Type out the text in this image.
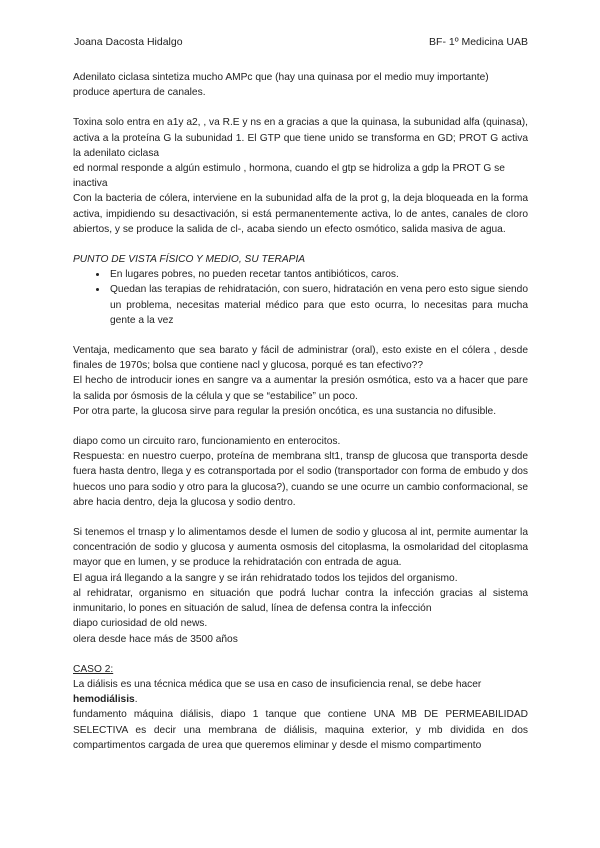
Joana Dacosta Hidalgo	BF- 1º Medicina UAB

Adenilato ciclasa sintetiza mucho AMPc que (hay una quinasa por el medio muy importante) produce apertura de canales.

Toxina solo entra en a1y a2, , va R.E y ns en a gracias a que la quinasa, la subunidad alfa (quinasa), activa a la proteína G la subunidad 1. El GTP que tiene unido se transforma en GD; PROT G activa la adenilato ciclasa

ed normal responde a algún estimulo , hormona, cuando el gtp se hidroliza a gdp la PROT G se inactiva

Con la bacteria de cólera, interviene en la subunidad alfa de la prot g, la deja bloqueada en la forma activa, impidiendo su desactivación, si está permanentemente activa, lo de antes, canales de cloro abiertos, y se produce la salida de cl-, acaba siendo un efecto osmótico, salida masiva de agua.

PUNTO DE VISTA FÍSICO Y MEDIO, SU TERAPIA

• En lugares pobres, no pueden recetar tantos antibióticos, caros.
• Quedan las terapias de rehidratación, con suero, hidratación en vena pero esto sigue siendo un problema, necesitas material médico para que esto ocurra, lo necesitas para mucha gente a la vez

Ventaja, medicamento que sea barato y fácil de administrar (oral), esto existe en el cólera , desde finales de 1970s; bolsa que contiene nacl y glucosa, porqué es tan efectivo??

El hecho de introducir iones en sangre va a aumentar la presión osmótica, esto va a hacer que pare la salida por ósmosis de la célula y que se “estabilice” un poco.

Por otra parte, la glucosa sirve para regular la presión oncótica, es una sustancia no difusible.

diapo como un circuito raro, funcionamiento en enterocitos.

Respuesta: en nuestro cuerpo, proteína de membrana slt1, transp de glucosa que transporta desde fuera hasta dentro, llega y es cotransportada por el sodio (transportador con forma de embudo y dos huecos uno para sodio y otro para la glucosa?), cuando se une ocurre un cambio conformacional, se abre hacia dentro, deja la glucosa y sodio dentro.

Si tenemos el trnasp y lo alimentamos desde el lumen de sodio y glucosa al int, permite aumentar la concentración de sodio y glucosa y aumenta osmosis del citoplasma, la osmolaridad del citoplasma mayor que en lumen, y se produce la rehidratación con entrada de agua.

El agua irá llegando a la sangre y se irán rehidratado todos los tejidos del organismo.

al rehidratar, organismo en situación que podrá luchar contra la infección gracias al sistema inmunitario, lo pones en situación de salud, línea de defensa contra la infección

diapo curiosidad de old news.

olera desde hace más de 3500 años

CASO 2:

La diálisis es una técnica médica que se usa en caso de insuficiencia renal, se debe hacer hemodiálisis.

fundamento máquina diálisis, diapo 1 tanque que contiene UNA MB DE PERMEABILIDAD SELECTIVA es decir una membrana de diálisis, maquina exterior, y mb dividida en dos compartimentos cargada de urea que queremos eliminar y desde el mismo compartimento
